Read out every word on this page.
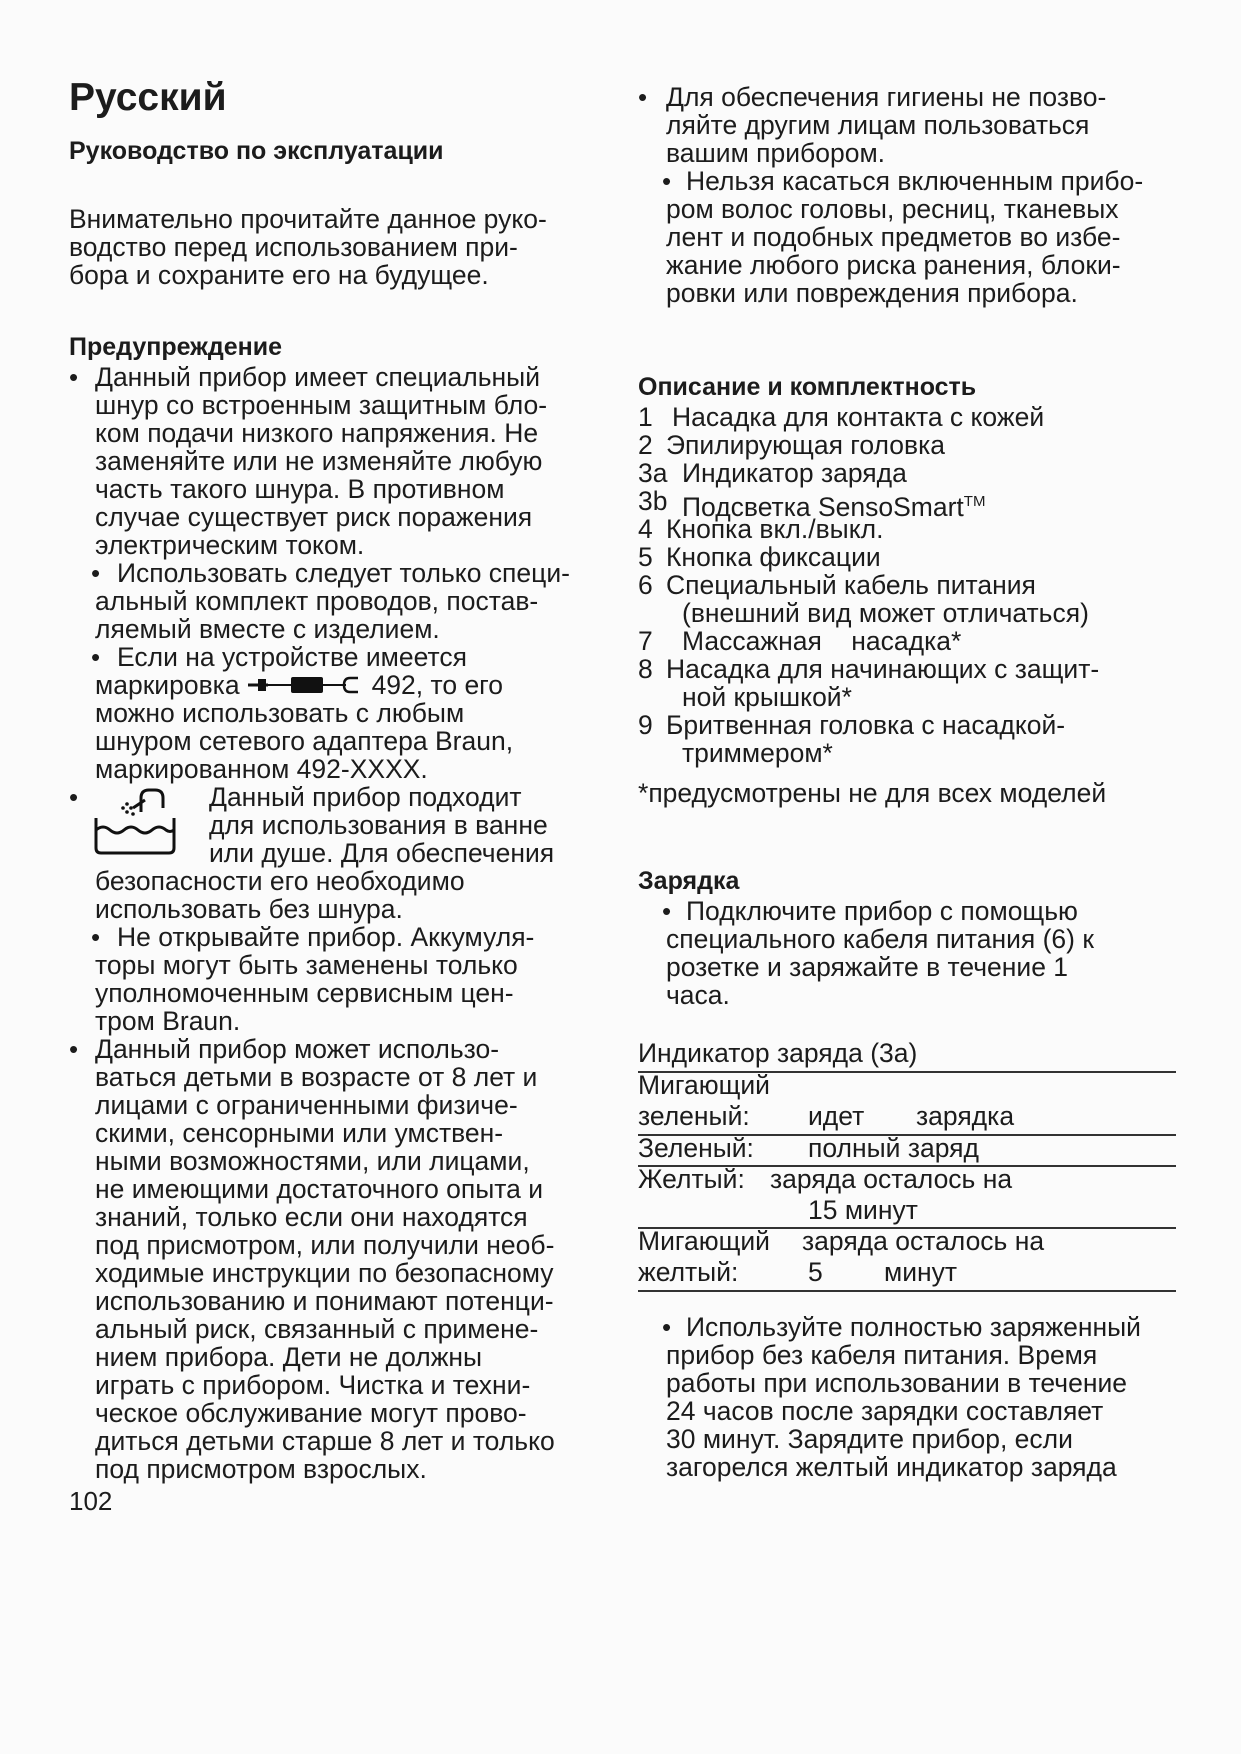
Русский
Руководство по эксплуатации
Внимательно прочитайте данное руко-
водство перед использованием при-
бора и сохраните его на будущее.
Предупреждение
• Данный прибор имеет специальный
шнур со встроенным защитным бло-
ком подачи низкого напряжения. Не
заменяйте или не изменяйте любую
часть такого шнура. В противном
случае существует риск поражения
электрическим током.
• Использовать следует только специ-
альный комплект проводов, постав-
ляемый вместе с изделием.
• Если на устройстве имеется
маркировка	492, то его
можно использовать с любым
шнуром сетевого адаптера Braun,
маркированном 492-XXXX.
•	Данный прибор подходит
для использования в ванне
или душе. Для обеспечения
безопасности его необходимо
использовать без шнура.
• Не открывайте прибор. Аккумуля-
торы могут быть заменены только
уполномоченным сервисным цен-
тром Braun.
• Данный прибор может использо-
ваться детьми в возрасте от 8 лет и
лицами с ограниченными физиче-
скими, сенсорными или умствен-
ными возможностями, или лицами,
не имеющими достаточного опыта и
знаний, только если они находятся
под присмотром, или получили необ-
ходимые инструкции по безопасному
использованию и понимают потенци-
альный риск, связанный с примене-
нием прибора. Дети не должны
играть с прибором. Чистка и техни-
ческое обслуживание могут прово-
диться детьми старше 8 лет и только
под присмотром взрослых.
102
• Для обеспечения гигиены не позво-
ляйте другим лицам пользоваться
вашим прибором.
• Нельзя касаться включенным прибо-
ром волос головы, ресниц, тканевых
лент и подобных предметов во избе-
жание любого риска ранения, блоки-
ровки или повреждения прибора.
Описание и комплектность
1 Насадка для контакта с кожей
2 Эпилирующая головка
3a Индикатор заряда
3b Подсветка SensoSmart™
4 Кнопка вкл./выкл.
5 Кнопка фиксации
6 Специальный кабель питания
(внешний вид может отличаться)
7 Массажная    насадка*
8 Насадка для начинающих с защит-
ной крышкой*
9 Бритвенная головка с насадкой-
триммером*
*предусмотрены не для всех моделей
Зарядка
• Подключите прибор с помощью
специального кабеля питания (6) к
розетке и заряжайте в течение 1
часа.
Индикатор заряда (3а)
Мигающий
зеленый: идет зарядка
Зеленый: полный заряд
Желтый: заряда осталось на
15 минут
Мигающий заряда осталось на
желтый:	5 минут
• Используйте полностью заряженный
прибор без кабеля питания. Время
работы при использовании в течение
24 часов после зарядки составляет
30 минут. Зарядите прибор, если
загорелся желтый индикатор заряда
